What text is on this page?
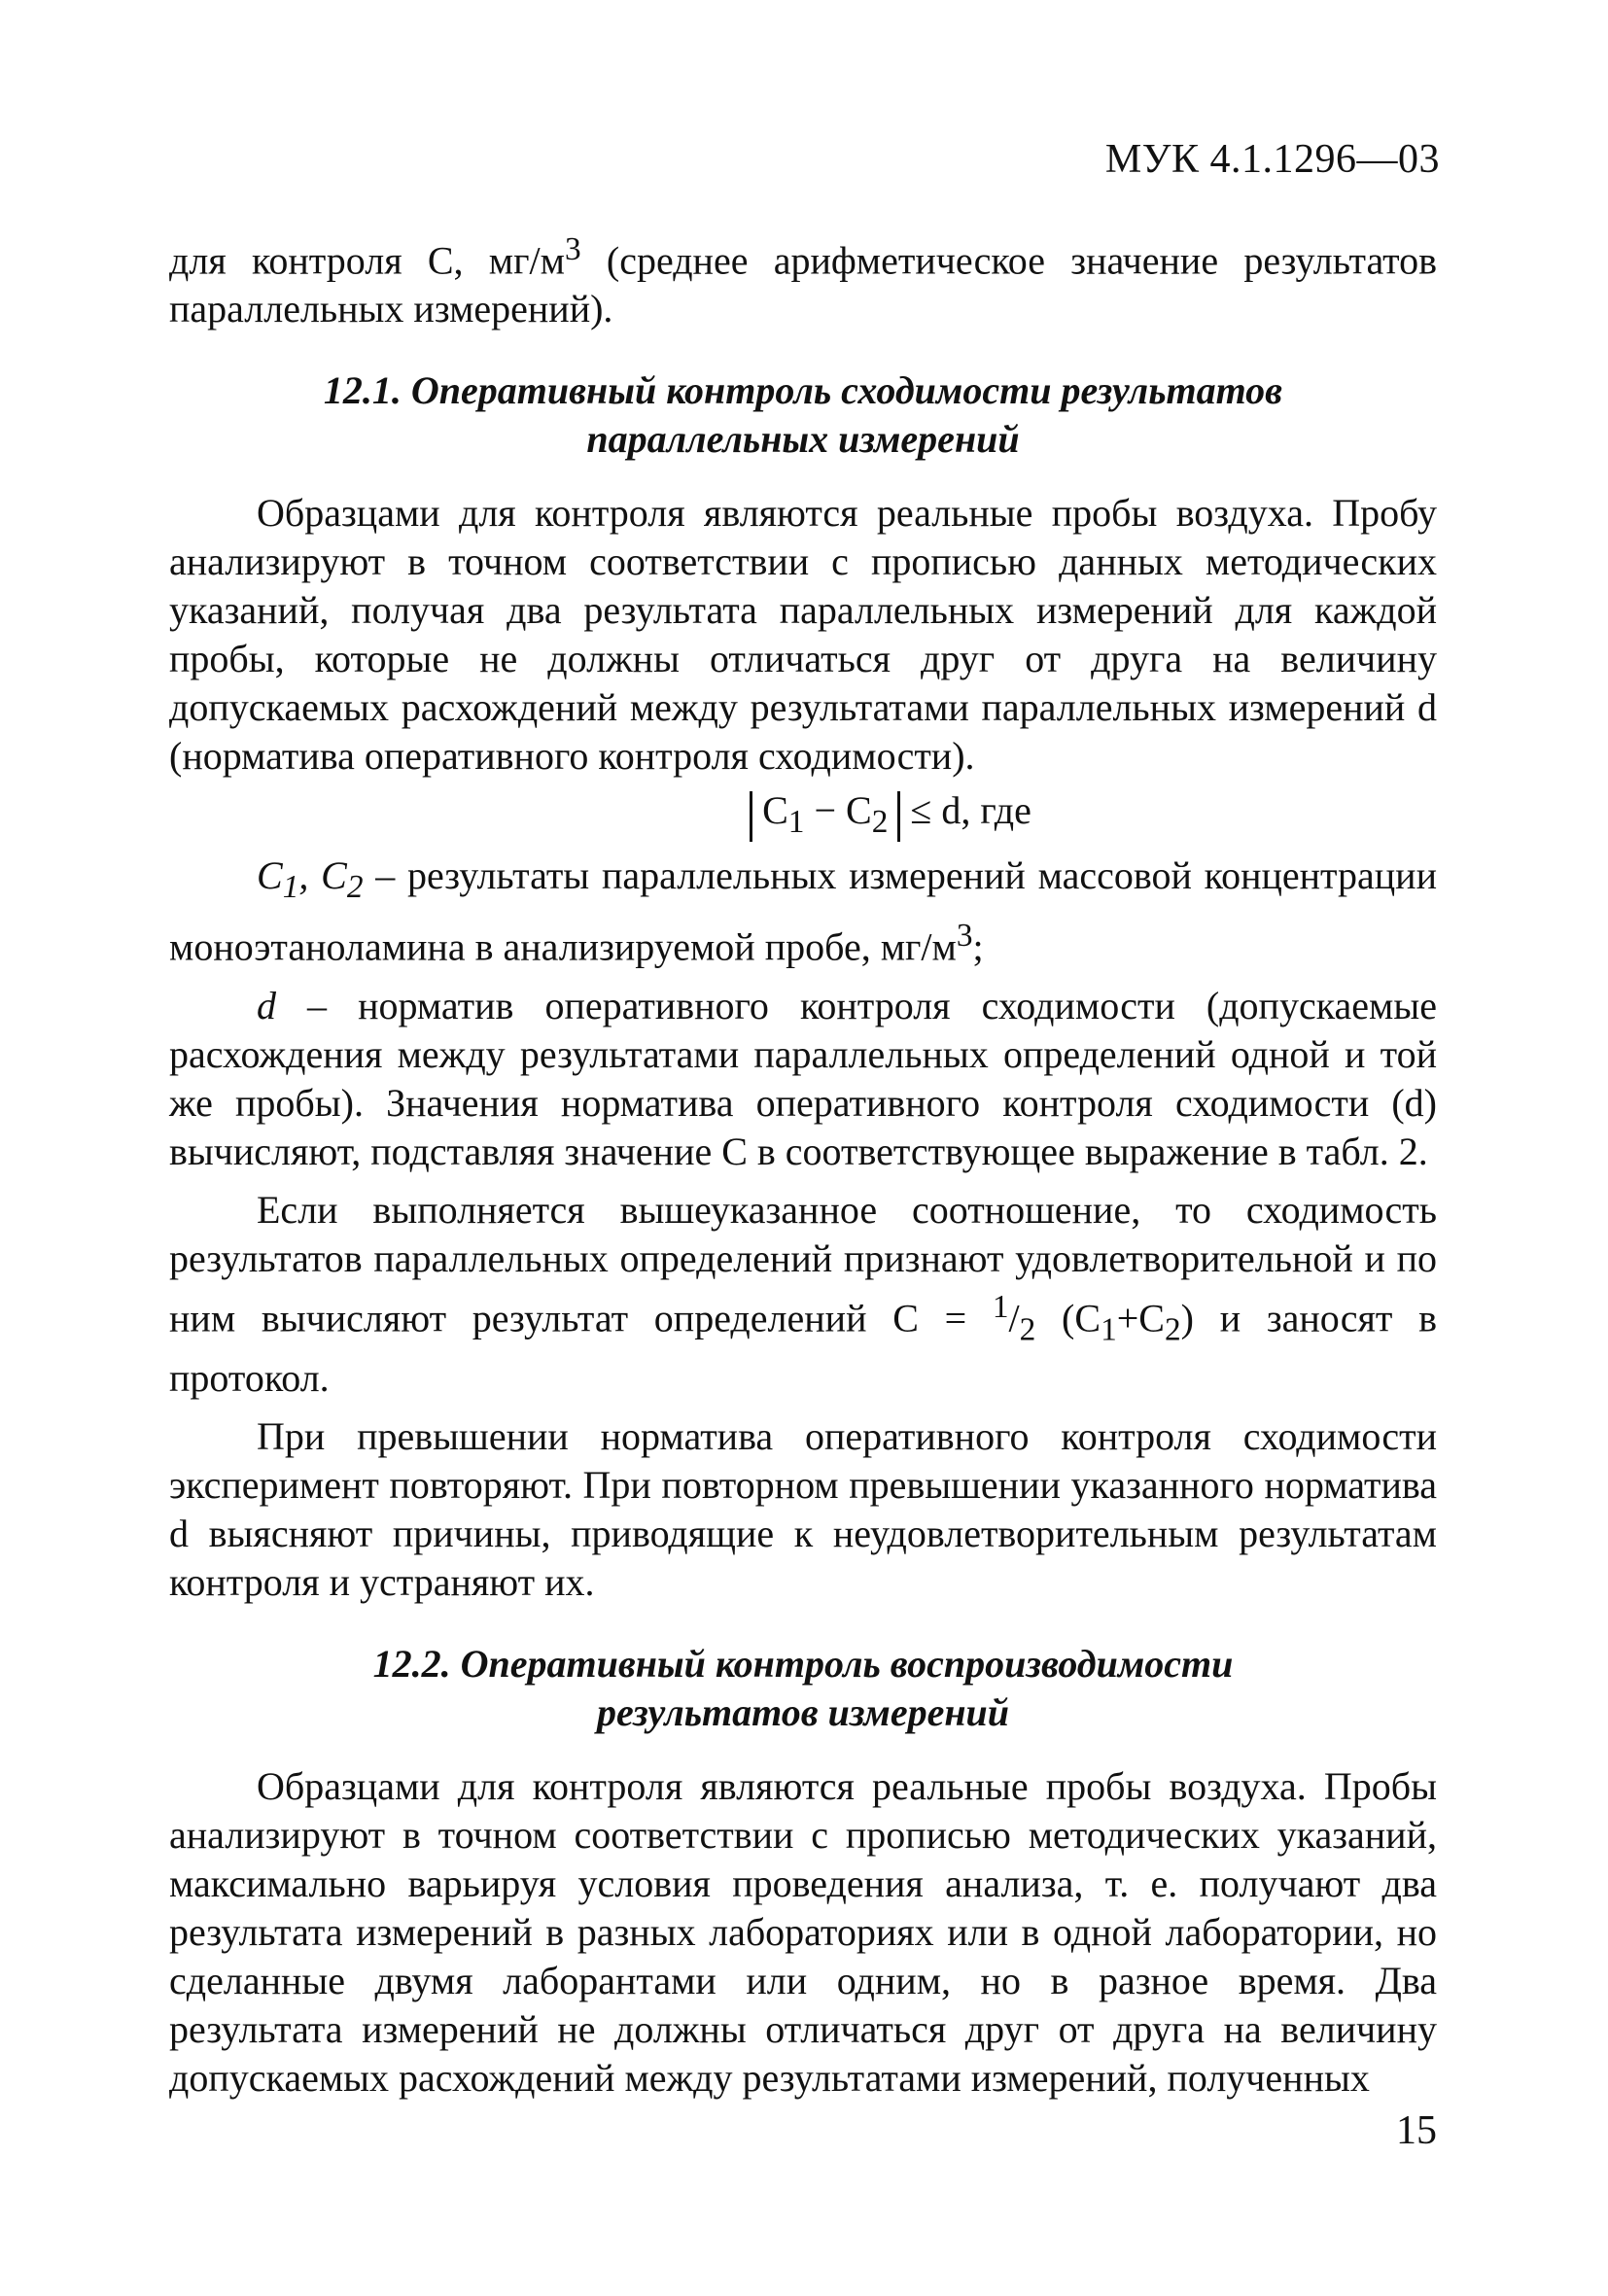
МУК 4.1.1296—03

для контроля С, $мг/м^3$ (среднее арифметическое значение результатов параллельных измерений).

12.1. Оперативный контроль сходимости результатов
параллельных измерений

Образцами для контроля являются реальные пробы воздуха. Пробу анализируют в точном соответствии с прописью данных методических указаний, получая два результата параллельных измерений для каждой пробы, которые не должны отличаться друг от друга на величину допускаемых расхождений между результатами параллельных измерений d (норматива оперативного контроля сходимости).

$C_1 - C_2 \le d$, где

$С_1$, $С_2$ – результаты параллельных измерений массовой концентрации моноэтаноламина в анализируемой пробе, $мг/м^3$;

d – норматив оперативного контроля сходимости (допускаемые расхождения между результатами параллельных определений одной и той же пробы). Значения норматива оперативного контроля сходимости (d) вычисляют, подставляя значение С в соответствующее выражение в табл. 2.

Если выполняется вышеуказанное соотношение, то сходимость результатов параллельных определений признают удовлетворительной и по ним вычисляют результат определений $С = ^1/_2$ $(С_1+С_2)$ и заносят в протокол.

При превышении норматива оперативного контроля сходимости эксперимент повторяют. При повторном превышении указанного норматива d выясняют причины, приводящие к неудовлетворительным результатам контроля и устраняют их.

12.2. Оперативный контроль воспроизводимости
результатов измерений

Образцами для контроля являются реальные пробы воздуха. Пробы анализируют в точном соответствии с прописью методических указаний, максимально варьируя условия проведения анализа, т. е. получают два результата измерений в разных лабораториях или в одной лаборатории, но сделанные двумя лаборантами или одним, но в разное время. Два результата измерений не должны отличаться друг от друга на величину допускаемых расхождений между результатами измерений, полученных

15
